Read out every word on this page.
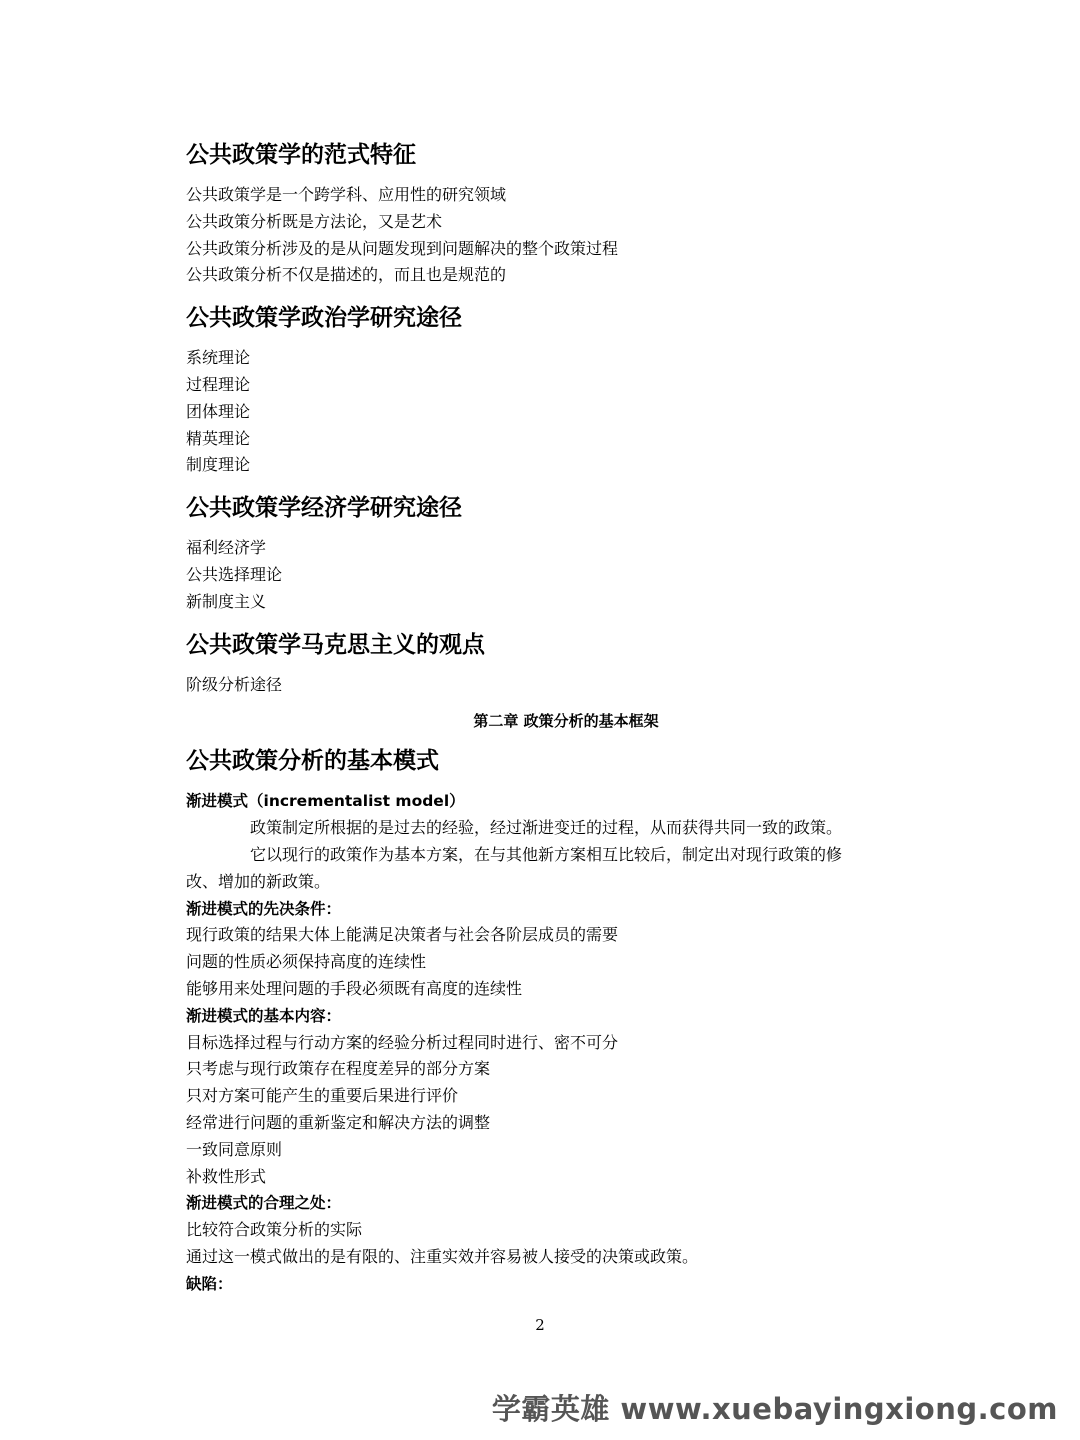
公共政策学的范式特征

公共政策学是一个跨学科、应用性的研究领域

公共政策分析既是方法论，又是艺术

公共政策分析涉及的是从问题发现到问题解决的整个政策过程

公共政策分析不仅是描述的，而且也是规范的

公共政策学政治学研究途径

系统理论

过程理论

团体理论

精英理论

制度理论

公共政策学经济学研究途径

福利经济学

公共选择理论

新制度主义

公共政策学马克思主义的观点

阶级分析途径

第二章 政策分析的基本框架
公共政策分析的基本模式

渐进模式（incrementalist model）

政策制定所根据的是过去的经验，经过渐进变迁的过程，从而获得共同一致的政策。

它以现行的政策作为基本方案，在与其他新方案相互比较后，制定出对现行政策的修

改、增加的新政策。

渐进模式的先决条件：

现行政策的结果大体上能满足决策者与社会各阶层成员的需要

问题的性质必须保持高度的连续性

能够用来处理问题的手段必须既有高度的连续性

渐进模式的基本内容：

目标选择过程与行动方案的经验分析过程同时进行、密不可分

只考虑与现行政策存在程度差异的部分方案

只对方案可能产生的重要后果进行评价

经常进行问题的重新鉴定和解决方法的调整

一致同意原则

补救性形式

渐进模式的合理之处：

比较符合政策分析的实际

通过这一模式做出的是有限的、注重实效并容易被人接受的决策或政策。

缺陷：

2
学霸英雄 www.xuebayingxiong.com
